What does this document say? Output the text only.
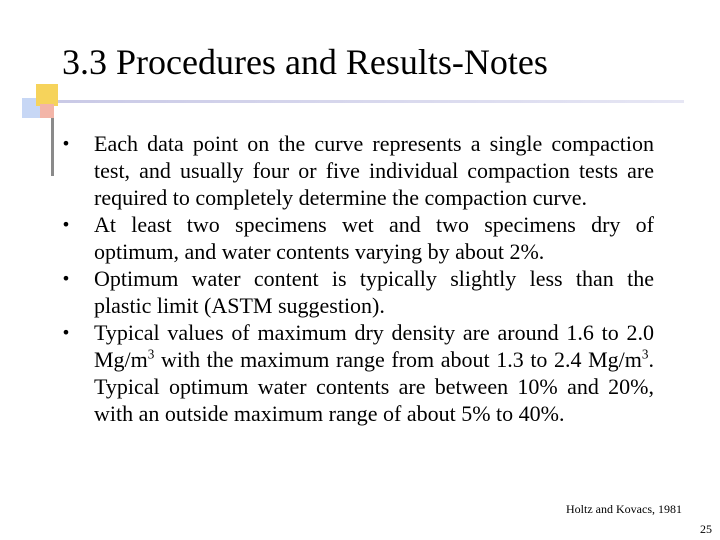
3.3 Procedures and Results-Notes
• Each data point on the curve represents a single compaction test, and usually four or five individual compaction tests are required to completely determine the compaction curve.
• At least two specimens wet and two specimens dry of optimum, and water contents varying by about 2%.
• Optimum water content is typically slightly less than the plastic limit (ASTM suggestion).
• Typical values of maximum dry density are around 1.6 to 2.0 $Mg/m^3$ with the maximum range from about 1.3 to 2.4 $Mg/m^3$. Typical optimum water contents are between 10% and 20%, with an outside maximum range of about 5% to 40%.
Holtz and Kovacs, 1981
25
